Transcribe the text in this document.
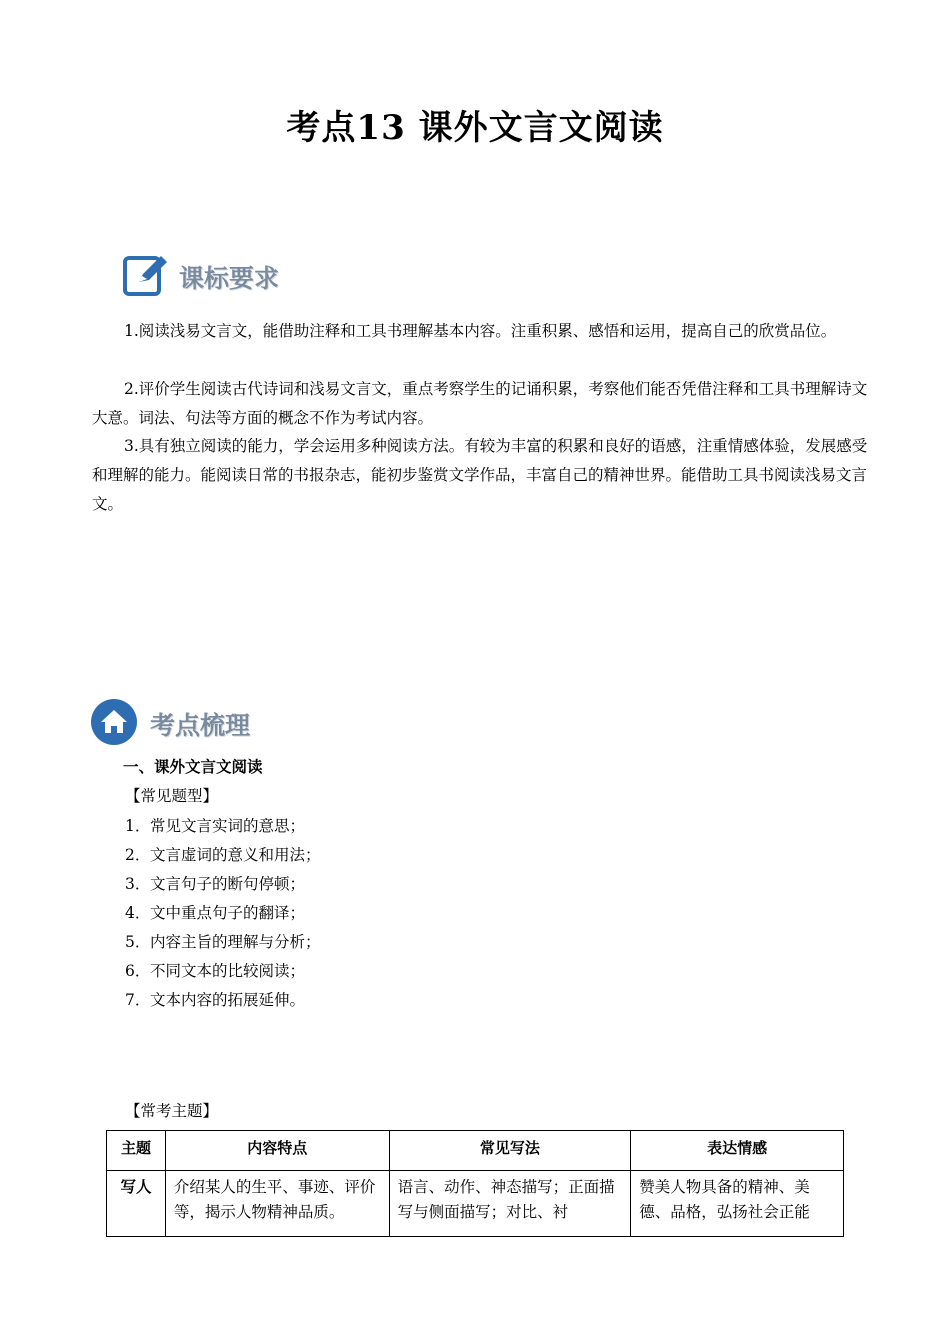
考点13 课外文言文阅读
课标要求

1.阅读浅易文言文，能借助注释和工具书理解基本内容。注重积累、感悟和运用，提高自己的欣赏品位。

2.评价学生阅读古代诗词和浅易文言文，重点考察学生的记诵积累，考察他们能否凭借注释和工具书理解诗文大意。词法、句法等方面的概念不作为考试内容。

3.具有独立阅读的能力，学会运用多种阅读方法。有较为丰富的积累和良好的语感，注重情感体验，发展感受和理解的能力。能阅读日常的书报杂志，能初步鉴赏文学作品，丰富自己的精神世界。能借助工具书阅读浅易文言文。

考点梳理
一、课外文言文阅读
【常见题型】
1．常见文言实词的意思；
2．文言虚词的意义和用法；
3．文言句子的断句停顿；
4．文中重点句子的翻译；
5．内容主旨的理解与分析；
6．不同文本的比较阅读；
7．文本内容的拓展延伸。
【常考主题】
主题	内容特点	常见写法	表达情感
写人	介绍某人的生平、事迹、评价等，揭示人物精神品质。	语言、动作、神态描写；正面描写与侧面描写；对比、衬	赞美人物具备的精神、美德、品格，弘扬社会正能
